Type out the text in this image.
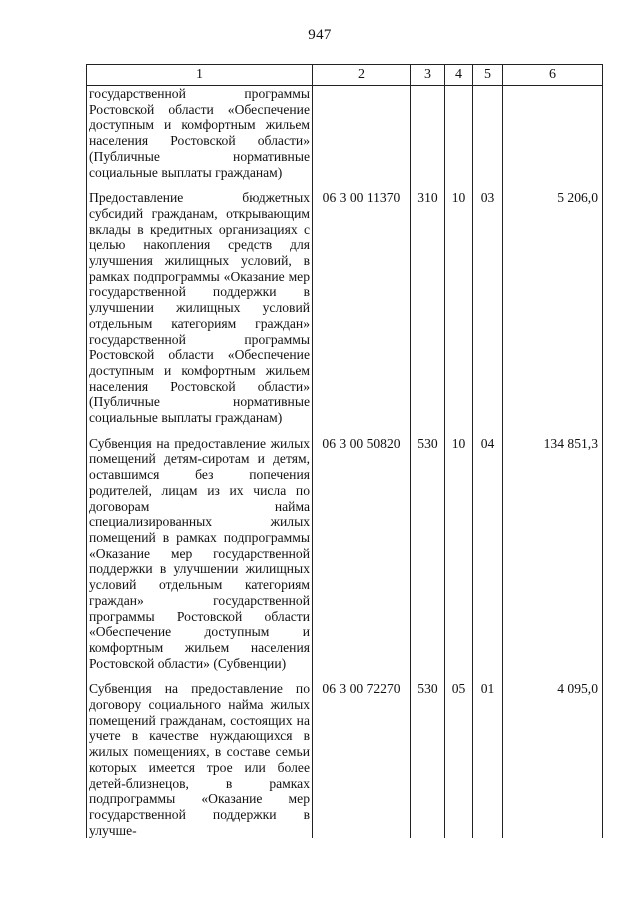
947
1	2	3	4	5	6

государственной программы Ростовской области «Обеспечение доступным и комфортным жильем населения Ростовской области» (Публичные нормативные социальные выплаты гражданам)					

Предоставление бюджетных субсидий гражданам, открывающим вклады в кредитных организациях с целью накопления средств для улучшения жилищных условий, в рамках подпрограммы «Оказание мер государственной поддержки в улучшении жилищных условий отдельным категориям граждан» государственной программы Ростовской области «Обеспечение доступным и комфортным жильем населения Ростовской области» (Публичные нормативные социальные выплаты гражданам)	06 3 00 11370	310	10	03	5 206,0

Субвенция на предоставление жилых помещений детям-сиротам и детям, оставшимся без попечения родителей, лицам из их числа по договорам найма специализированных жилых помещений в рамках подпрограммы «Оказание мер государственной поддержки в улучшении жилищных условий отдельным категориям граждан» государственной программы Ростовской области «Обеспечение доступным и комфортным жильем населения Ростовской области» (Субвенции)	06 3 00 50820	530	10	04	134 851,3

Субвенция на предоставление по договору социального найма жилых помещений гражданам, состоящих на учете в качестве нуждающихся в жилых помещениях, в составе семьи которых имеется трое или более детей-близнецов, в рамках подпрограммы «Оказание мер государственной поддержки в улучше-	06 3 00 72270	530	05	01	4 095,0
